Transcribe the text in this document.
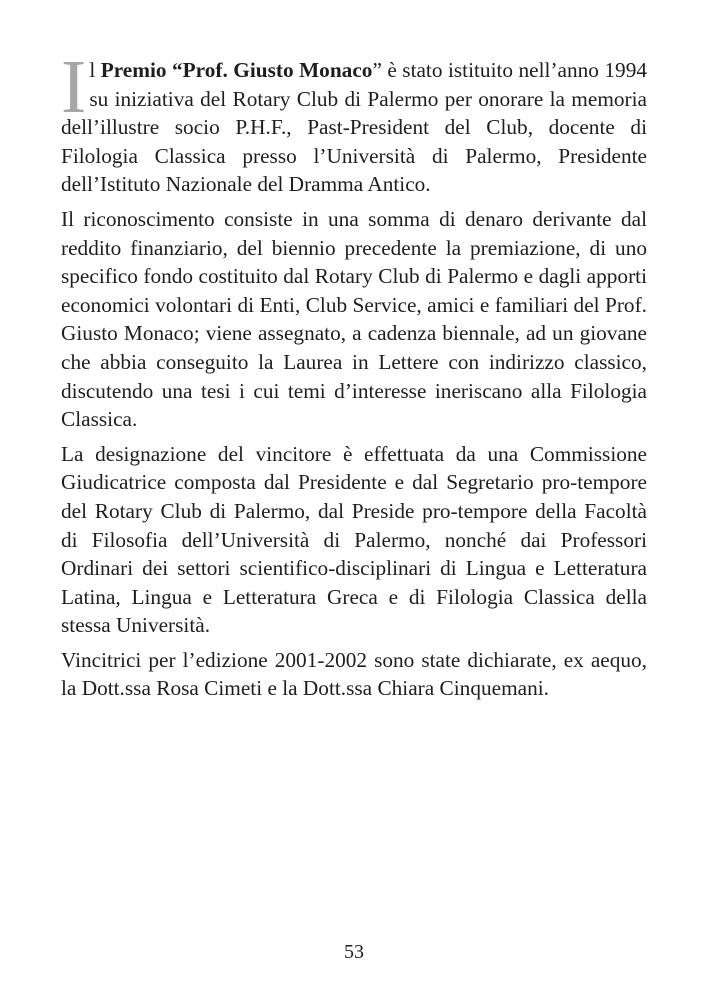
Il Premio “Prof. Giusto Monaco” è stato istituito nell’anno 1994 su iniziativa del Rotary Club di Palermo per onorare la memoria dell’illustre socio P.H.F., Past-President del Club, docente di Filologia Classica presso l’Università di Palermo, Presidente dell’Istituto Nazionale del Dramma Antico.

Il riconoscimento consiste in una somma di denaro derivante dal reddito finanziario, del biennio precedente la premiazione, di uno specifico fondo costituito dal Rotary Club di Palermo e dagli apporti economici volontari di Enti, Club Service, amici e familiari del Prof. Giusto Monaco; viene assegnato, a cadenza biennale, ad un giovane che abbia conseguito la Laurea in Lettere con indirizzo classico, discutendo una tesi i cui temi d’interesse ineriscano alla Filologia Classica.

La designazione del vincitore è effettuata da una Commissione Giudicatrice composta dal Presidente e dal Segretario pro-tempore del Rotary Club di Palermo, dal Preside pro-tempore della Facoltà di Filosofia dell’Università di Palermo, nonché dai Professori Ordinari dei settori scientifico-disciplinari di Lingua e Letteratura Latina, Lingua e Letteratura Greca e di Filologia Classica della stessa Università.

Vincitrici per l’edizione 2001-2002 sono state dichiarate, ex aequo, la Dott.ssa Rosa Cimeti e la Dott.ssa Chiara Cinquemani.

53
